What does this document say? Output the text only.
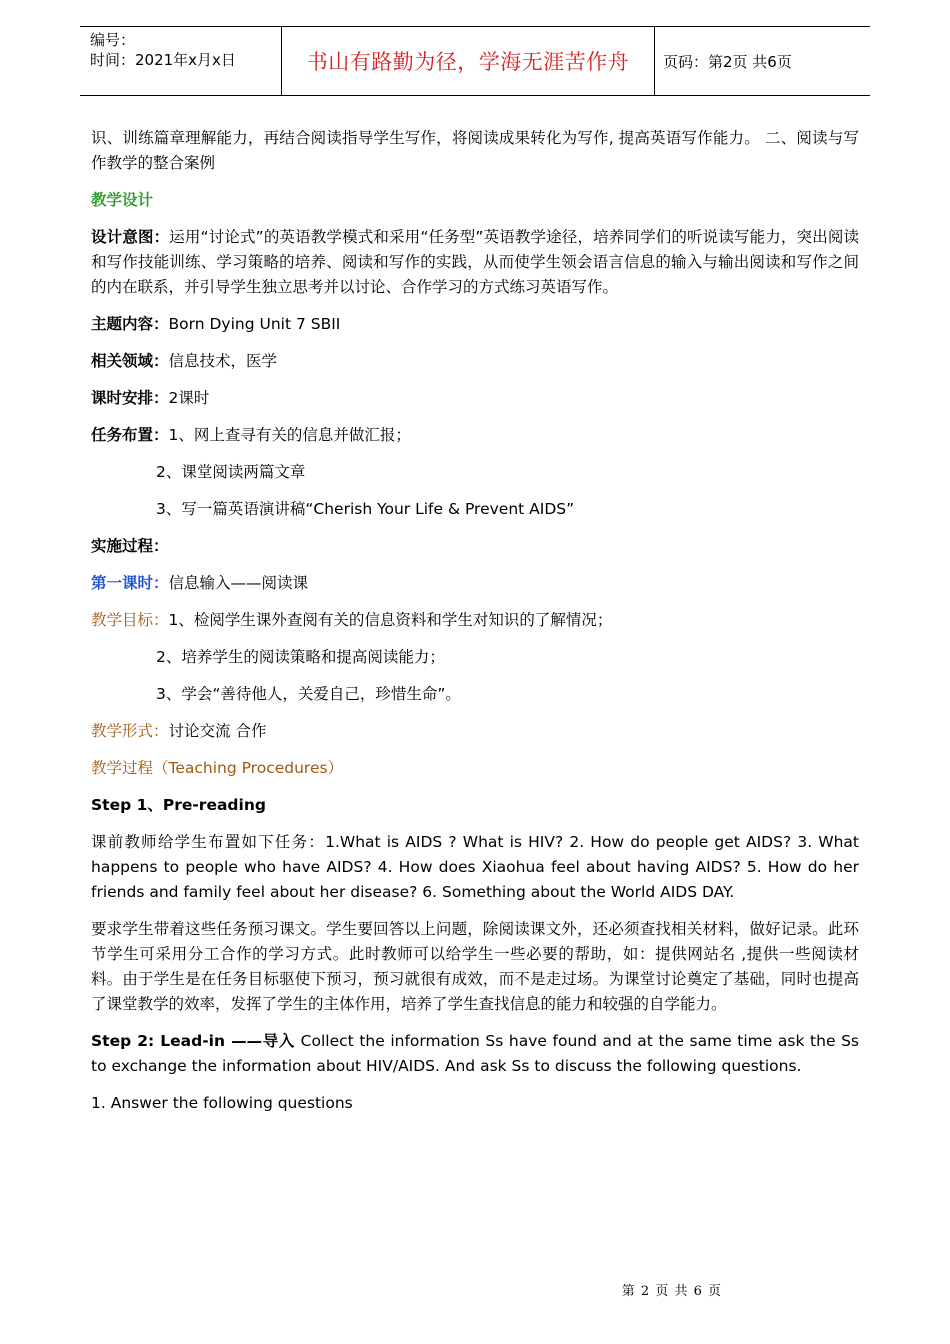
编号：
时间：2021年x月x日	书山有路勤为径，学海无涯苦作舟 页码：第2页 共6页

识、训练篇章理解能力，再结合阅读指导学生写作，将阅读成果转化为写作, 提高英语写作能力。 二、阅读与写作教学的整合案例

教学设计

设计意图：运用“讨论式”的英语教学模式和采用“任务型”英语教学途径，培养同学们的听说读写能力，突出阅读和写作技能训练、学习策略的培养、阅读和写作的实践，从而使学生领会语言信息的输入与输出阅读和写作之间的内在联系，并引导学生独立思考并以讨论、合作学习的方式练习英语写作。

主题内容：Born Dying Unit 7 SBII

相关领域：信息技术，医学

课时安排：2课时

任务布置：1、网上查寻有关的信息并做汇报；

2、课堂阅读两篇文章

3、写一篇英语演讲稿“Cherish Your Life & Prevent AIDS”

实施过程：

第一课时：信息输入——阅读课

教学目标：1、检阅学生课外查阅有关的信息资料和学生对知识的了解情况；

2、培养学生的阅读策略和提高阅读能力；

3、学会“善待他人，关爱自己，珍惜生命”。

教学形式：讨论交流 合作

教学过程（Teaching Procedures）

Step 1、Pre-reading

课前教师给学生布置如下任务：1.What is AIDS ? What is HIV? 2. How do people get AIDS? 3. What happens to people who have AIDS? 4. How does Xiaohua feel about having AIDS? 5. How do her friends and family feel about her disease? 6. Something about the World AIDS DAY.

要求学生带着这些任务预习课文。学生要回答以上问题，除阅读课文外，还必须查找相关材料，做好记录。此环节学生可采用分工合作的学习方式。此时教师可以给学生一些必要的帮助，如：提供网站名 ,提供一些阅读材料。由于学生是在任务目标驱使下预习，预习就很有成效，而不是走过场。为课堂讨论奠定了基础，同时也提高了课堂教学的效率，发挥了学生的主体作用，培养了学生查找信息的能力和较强的自学能力。

Step 2: Lead-in ——导入 Collect the information Ss have found and at the same time ask the Ss to exchange the information about HIV/AIDS. And ask Ss to discuss the following questions.

1. Answer the following questions

第 2 页 共 6 页
